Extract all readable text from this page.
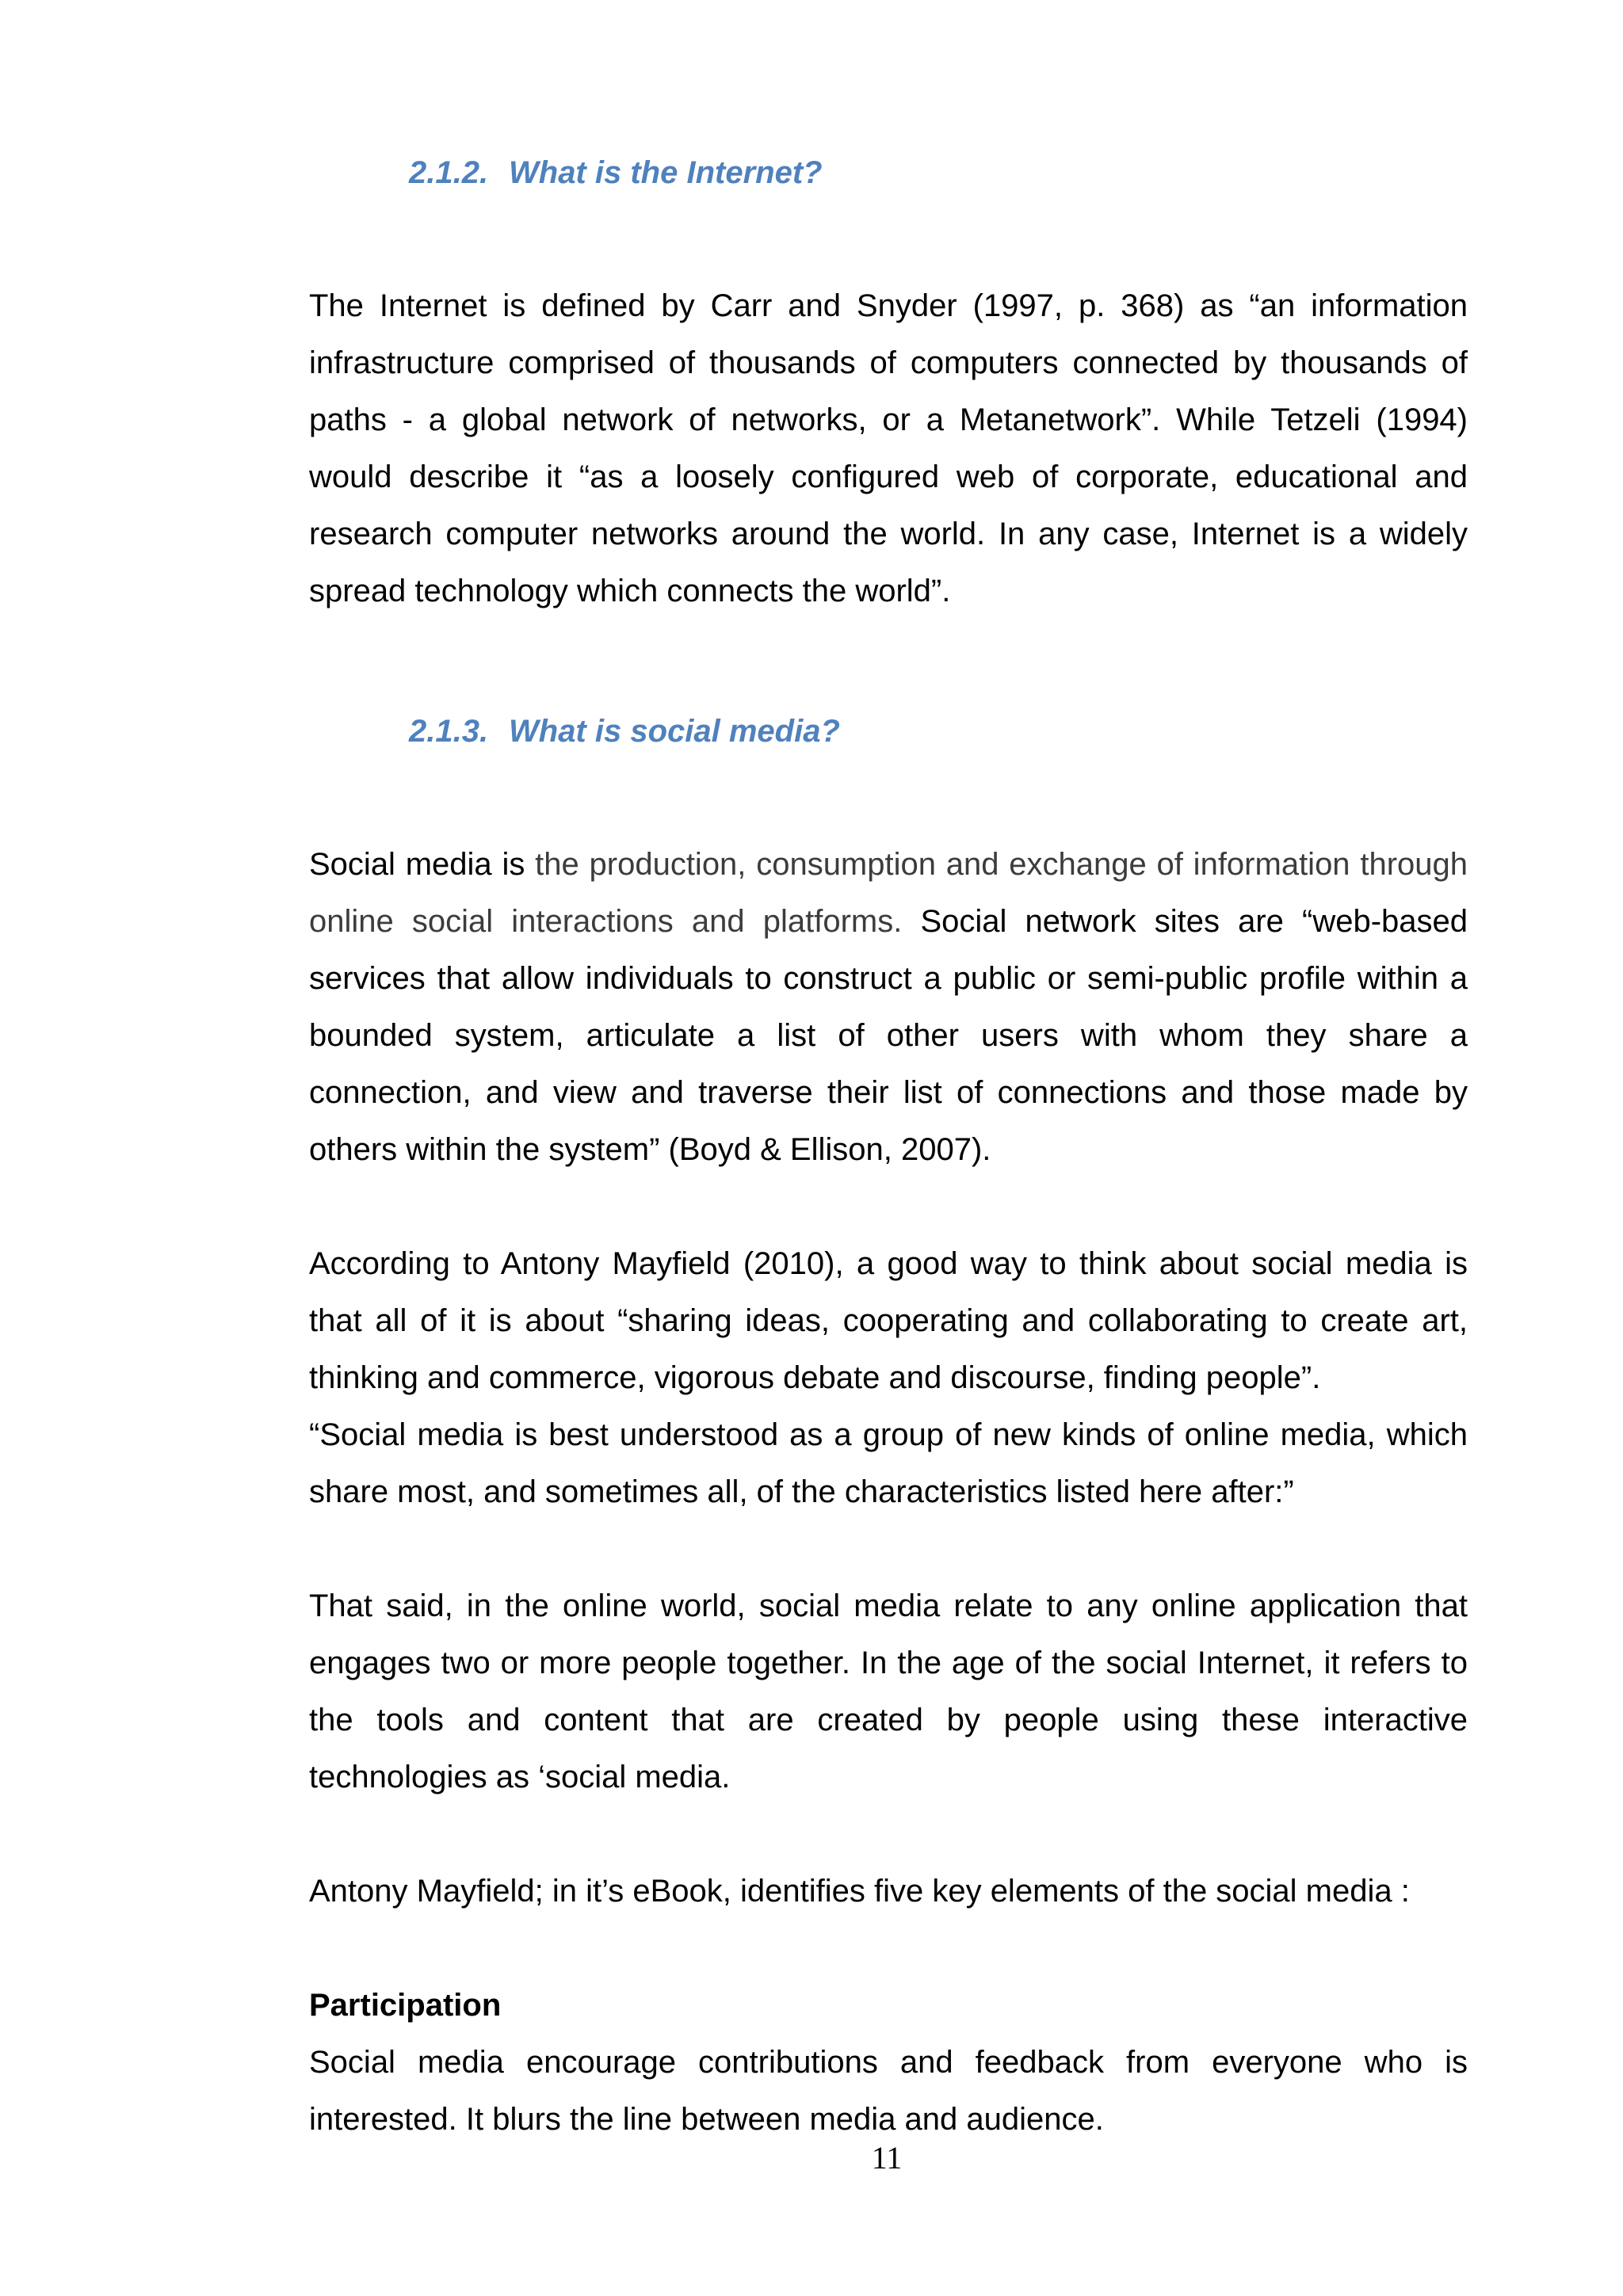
2.1.2. What is the Internet?

The Internet is defined by Carr and Snyder (1997, p. 368) as “an information infrastructure comprised of thousands of computers connected by thousands of paths - a global network of networks, or a Metanetwork”. While Tetzeli (1994) would describe it “as a loosely configured web of corporate, educational and research computer networks around the world. In any case, Internet is a widely spread technology which connects the world”.

2.1.3. What is social media?

Social media is the production, consumption and exchange of information through online social interactions and platforms. Social network sites are “web-based services that allow individuals to construct a public or semi-public profile within a bounded system, articulate a list of other users with whom they share a connection, and view and traverse their list of connections and those made by others within the system” (Boyd & Ellison, 2007).

According to Antony Mayfield (2010), a good way to think about social media is that all of it is about “sharing ideas, cooperating and collaborating to create art, thinking and commerce, vigorous debate and discourse, finding people”.

“Social media is best understood as a group of new kinds of online media, which share most, and sometimes all, of the characteristics listed here after:”

That said, in the online world, social media relate to any online application that engages two or more people together. In the age of the social Internet, it refers to the tools and content that are created by people using these interactive technologies as ‘social media.

Antony Mayfield; in it’s eBook, identifies five key elements of the social media :

Participation

Social media encourage contributions and feedback from everyone who is interested. It blurs the line between media and audience.

11
